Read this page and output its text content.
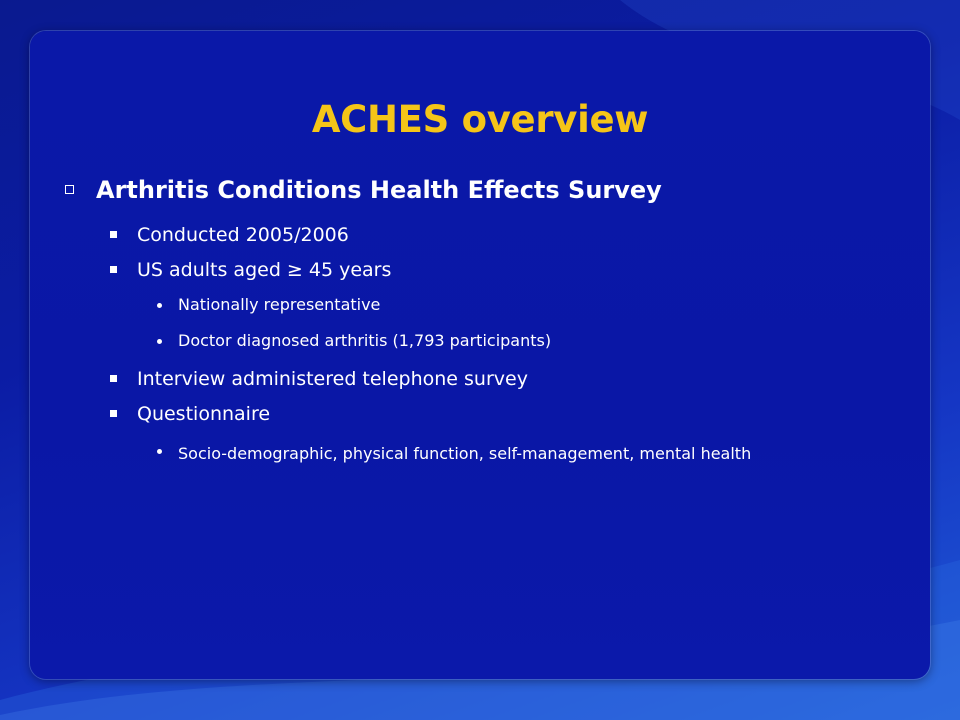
ACHES overview
Arthritis Conditions Health Effects Survey
Conducted 2005/2006
US adults aged ≥ 45 years
Nationally representative
Doctor diagnosed arthritis (1,793 participants)
Interview administered telephone survey
Questionnaire
Socio-demographic, physical function, self-management, mental health
